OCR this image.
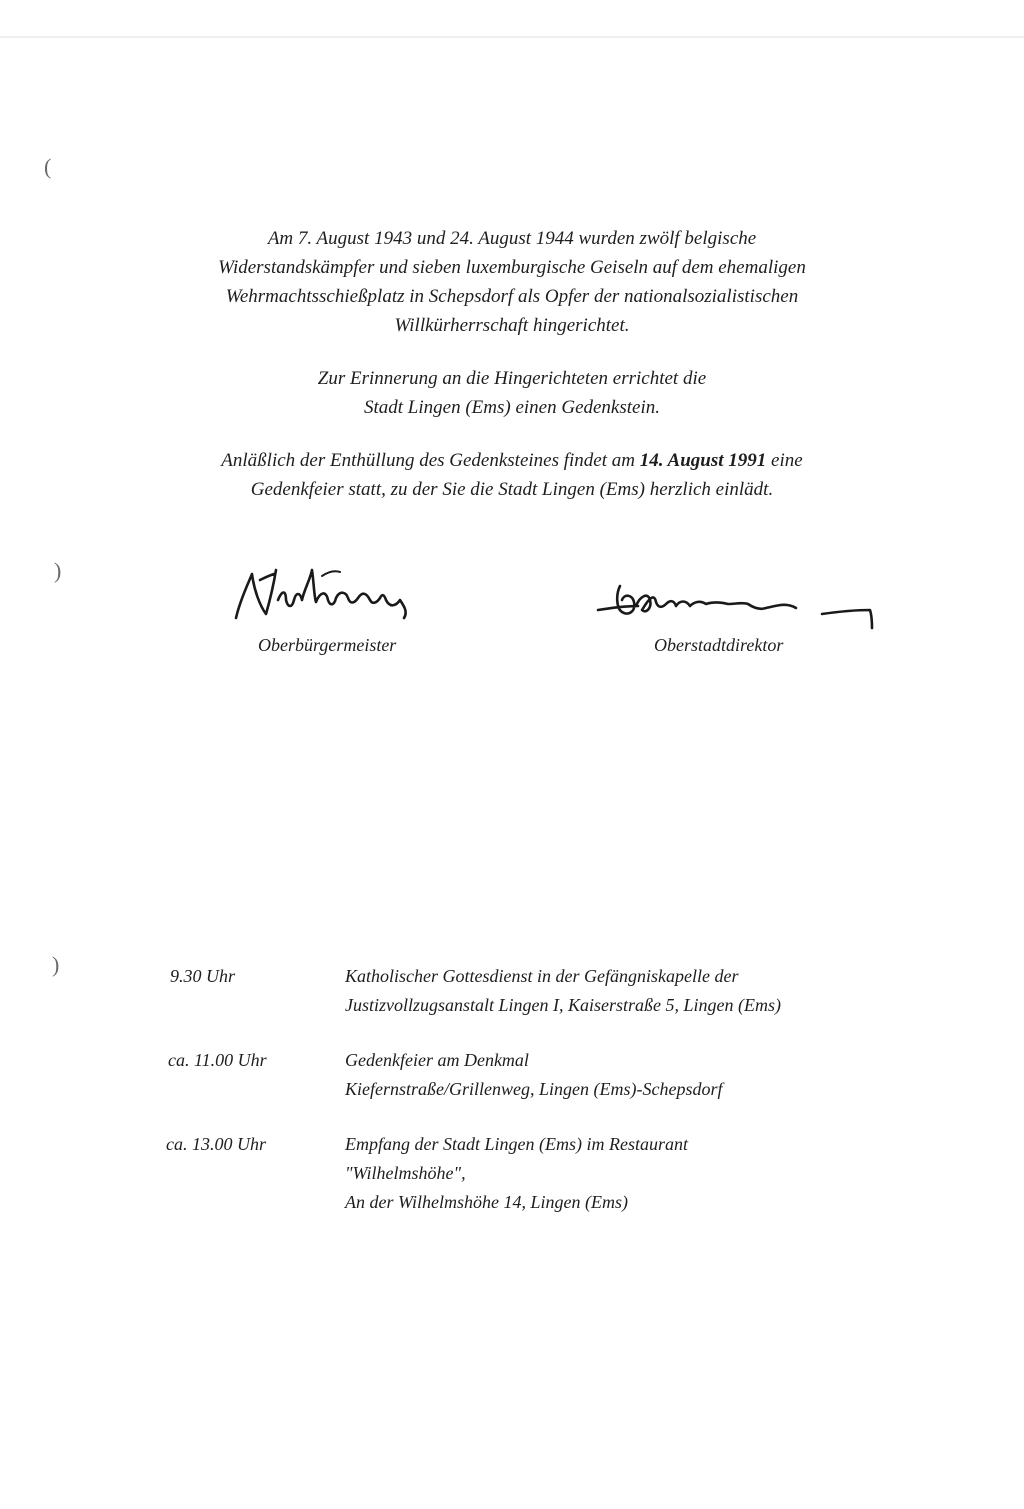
(
)
)

Am 7. August 1943 und 24. August 1944 wurden zwölf belgische
Widerstandskämpfer und sieben luxemburgische Geiseln auf dem ehemaligen
Wehrmachtsschießplatz in Schepsdorf als Opfer der nationalsozialistischen
Willkürherrschaft hingerichtet.

Zur Erinnerung an die Hingerichteten errichtet die
Stadt Lingen (Ems) einen Gedenkstein.

Anläßlich der Enthüllung des Gedenksteines findet am 14. August 1991 eine
Gedenkfeier statt, zu der Sie die Stadt Lingen (Ems) herzlich einlädt.

Oberbürgermeister	Oberstadtdirektor

9.30 Uhr	Katholischer Gottesdienst in der Gefängniskapelle der
Justizvollzugsanstalt Lingen I, Kaiserstraße 5, Lingen (Ems)

ca. 11.00 Uhr	Gedenkfeier am Denkmal
Kiefernstraße/Grillenweg, Lingen (Ems)-Schepsdorf

ca. 13.00 Uhr	Empfang der Stadt Lingen (Ems) im Restaurant
"Wilhelmshöhe",
An der Wilhelmshöhe 14, Lingen (Ems)
